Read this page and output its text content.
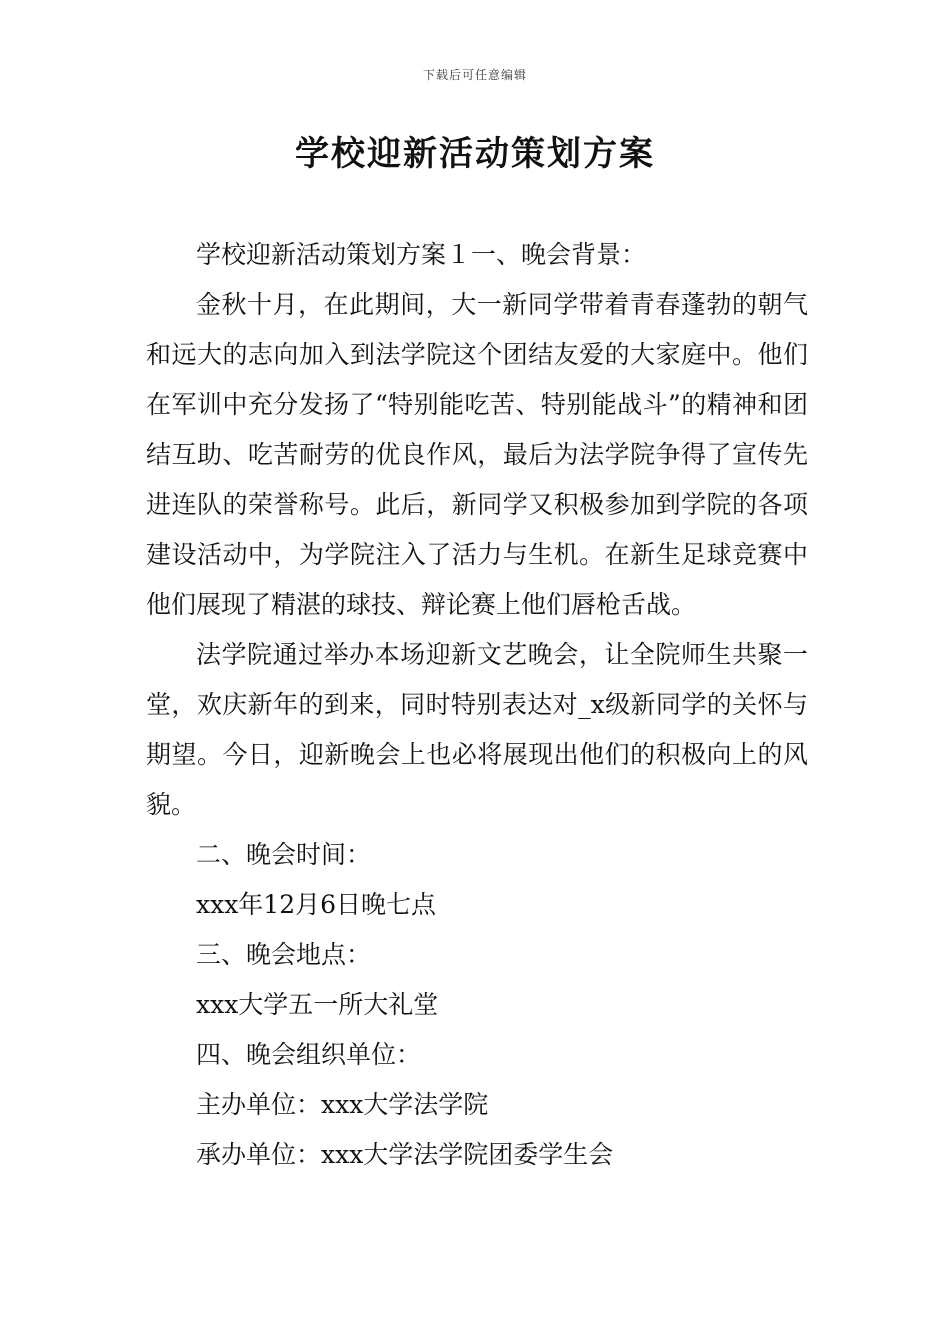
下载后可任意编辑
学校迎新活动策划方案

学校迎新活动策划方案１一、晚会背景：

金秋十月，在此期间，大一新同学带着青春蓬勃的朝气和远大的志向加入到法学院这个团结友爱的大家庭中。他们在军训中充分发扬了“特别能吃苦、特别能战斗”的精神和团结互助、吃苦耐劳的优良作风，最后为法学院争得了宣传先进连队的荣誉称号。此后，新同学又积极参加到学院的各项建设活动中，为学院注入了活力与生机。在新生足球竞赛中他们展现了精湛的球技、辩论赛上他们唇枪舌战。

法学院通过举办本场迎新文艺晚会，让全院师生共聚一堂，欢庆新年的到来，同时特别表达对_x级新同学的关怀与期望。今日，迎新晚会上也必将展现出他们的积极向上的风貌。

二、晚会时间：

xxx年12月6日晚七点

三、晚会地点：

xxx大学五一所大礼堂

四、晚会组织单位：

主办单位：xxx大学法学院

承办单位：xxx大学法学院团委学生会
